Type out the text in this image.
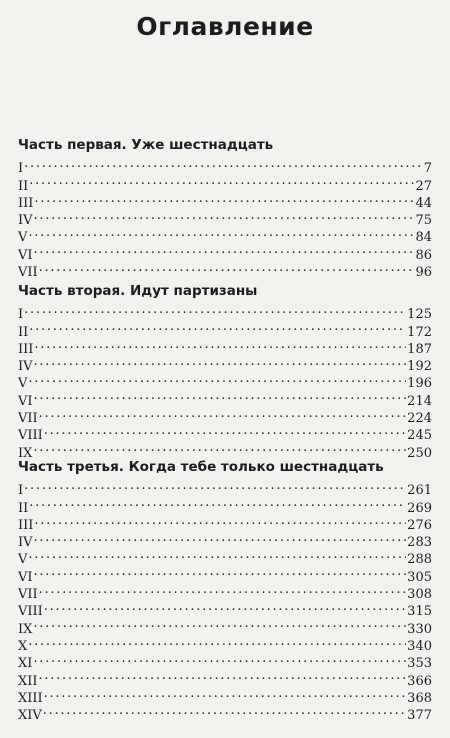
Оглавление
Часть первая. Уже шестнадцать
I . . .	7
II . . .	27
III . . .	44
IV . . .	75
V . . .	84
VI . . .	86
VII . . .	96
Часть вторая. Идут партизаны
I . . .	125
II . . .	172
III . . .	187
IV . . .	192
V . . .	196
VI . . .	214
VII . . .	224
VIII . . .	245
IX . . .	250
Часть третья. Когда тебе только шестнадцать
I . . .	261
II . . .	269
III . . .	276
IV . . .	283
V . . .	288
VI . . .	305
VII . . .	308
VIII . . .	315
IX . . .	330
X . . .	340
XI . . .	353
XII . . .	366
XIII . . .	368
XIV . . .	377
